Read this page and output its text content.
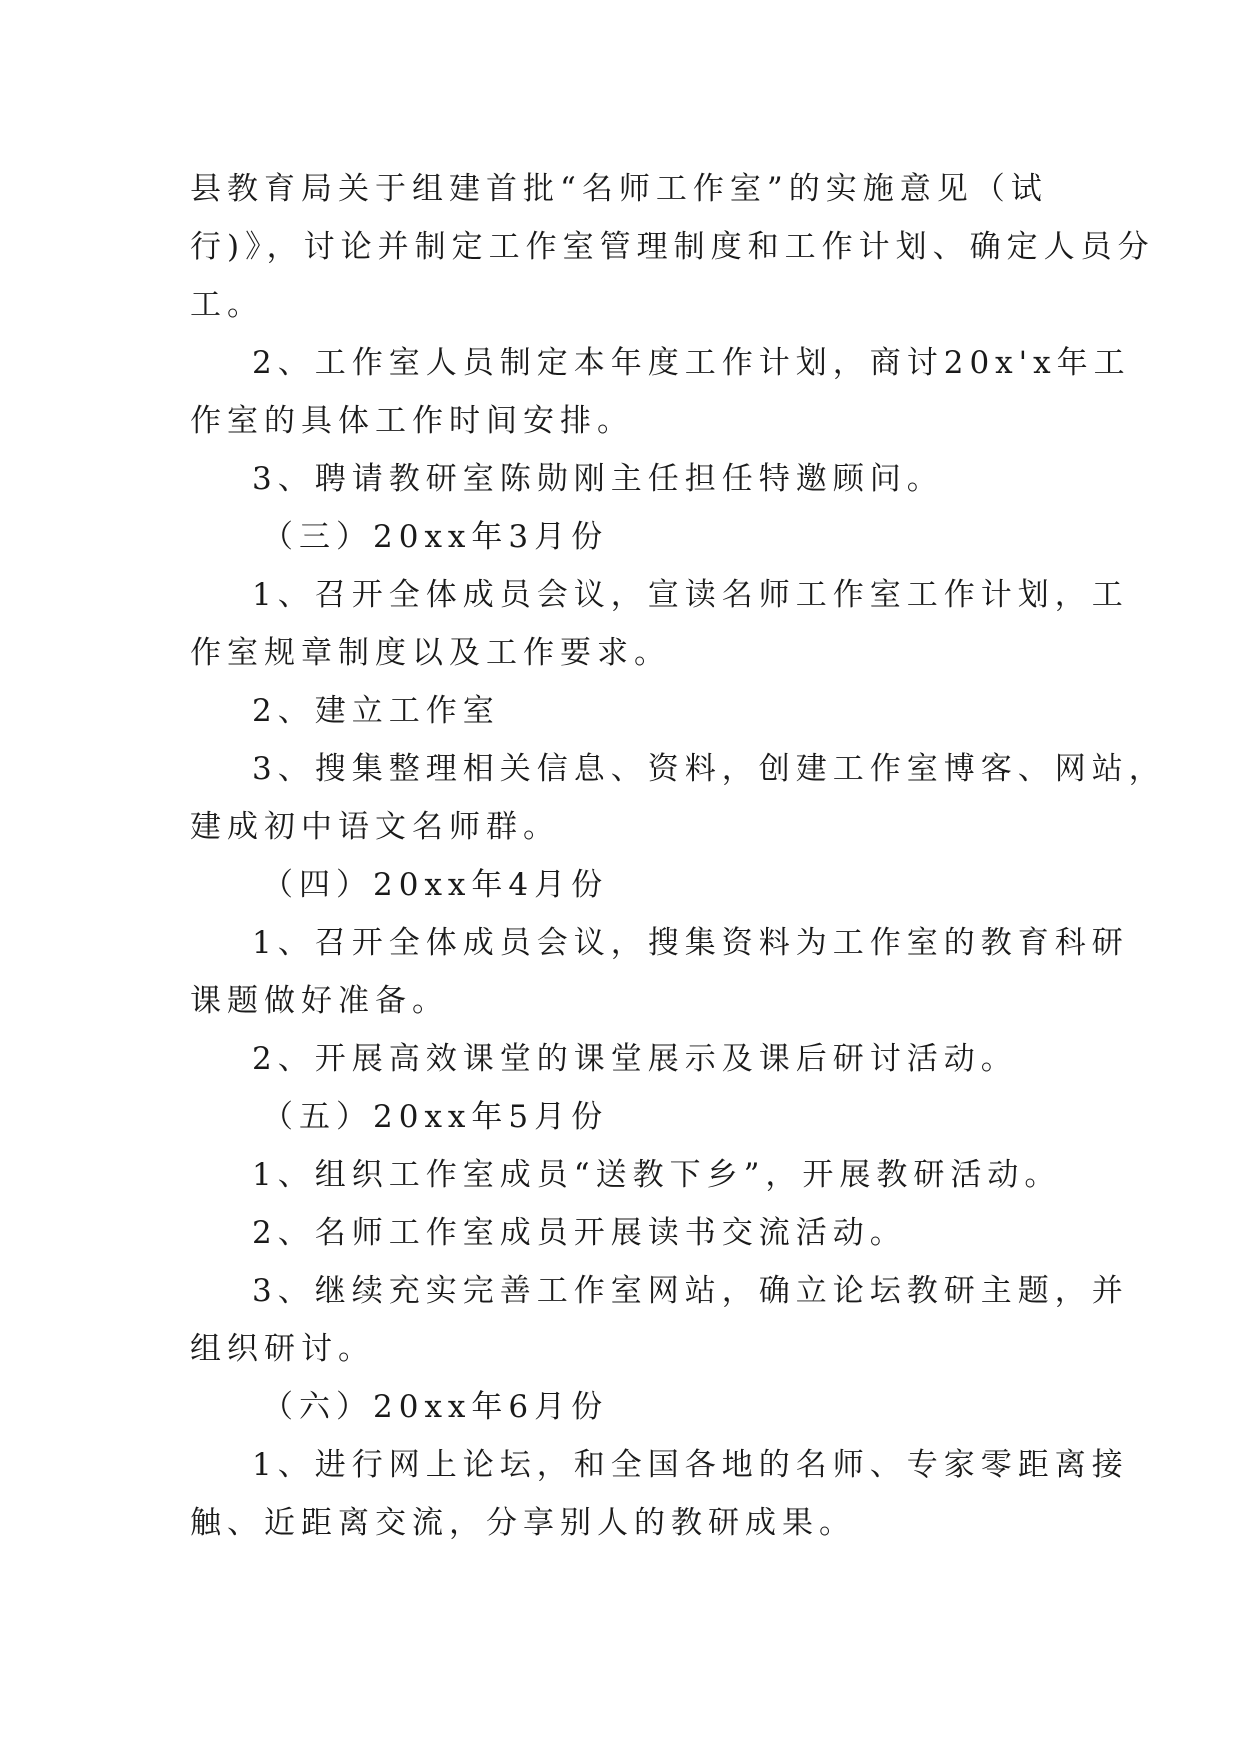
县教育局关于组建首批“名师工作室”的实施意见（试

行)》，讨论并制定工作室管理制度和工作计划、确定人员分

工。

2、工作室人员制定本年度工作计划，商讨20x'x年工

作室的具体工作时间安排。

3、聘请教研室陈勋刚主任担任特邀顾问。

（三）20xx年3月份

1、召开全体成员会议，宣读名师工作室工作计划，工

作室规章制度以及工作要求。

2、建立工作室

3、搜集整理相关信息、资料，创建工作室博客、网站，

建成初中语文名师群。

（四）20xx年4月份

1、召开全体成员会议，搜集资料为工作室的教育科研

课题做好准备。

2、开展高效课堂的课堂展示及课后研讨活动。

（五）20xx年5月份

1、组织工作室成员“送教下乡”，开展教研活动。

2、名师工作室成员开展读书交流活动。

3、继续充实完善工作室网站，确立论坛教研主题，并

组织研讨。

（六）20xx年6月份

1、进行网上论坛，和全国各地的名师、专家零距离接

触、近距离交流，分享别人的教研成果。
